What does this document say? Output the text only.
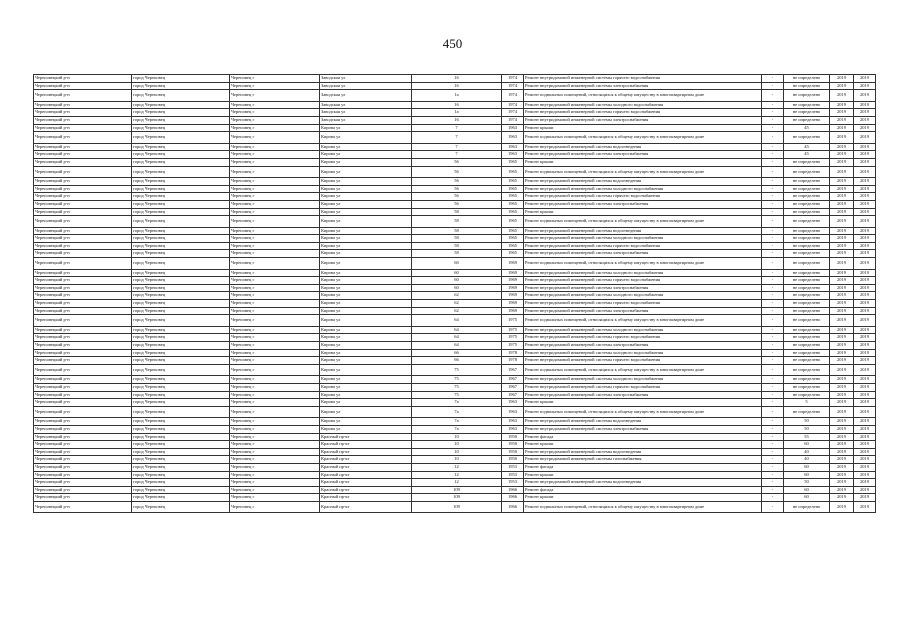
450
Череповецкий р-н	город Череповец	Череповец г	Заводская ул	16	1974	Ремонт внутридомовой инженерной системы горячего водоснабжения	-	не определено	2019	2019
Череповецкий р-н	город Череповец	Череповец г	Заводская ул	16	1974	Ремонт внутридомовой инженерной системы электроснабжения	-	не определено	2019	2019
Череповецкий р-н	город Череповец	Череповец г	Заводская ул	1а	1974	Ремонт подвальных помещений, относящихся к общему имуществу в многоквартирном доме	-	не определено	2019	2019
Череповецкий р-н	город Череповец	Череповец г	Заводская ул	16	1974	Ремонт внутридомовой инженерной системы холодного водоснабжения	-	не определено	2019	2019
Череповецкий р-н	город Череповец	Череповец г	Заводская ул	1а	1974	Ремонт внутридомовой инженерной системы горячего водоснабжения	-	не определено	2019	2019
Череповецкий р-н	город Череповец	Череповец г	Заводская ул	16	1974	Ремонт внутридомовой инженерной системы электроснабжения	-	не определено	2019	2019
Череповецкий р-н	город Череповец	Череповец г	Кирова ул	7	1963	Ремонт крыши	-	45	2019	2019
Череповецкий р-н	город Череповец	Череповец г	Кирова ул	7	1963	Ремонт подвальных помещений, относящихся к общему имуществу в многоквартирном доме	-	не определено	2019	2019
Череповецкий р-н	город Череповец	Череповец г	Кирова ул	7	1963	Ремонт внутридомовой инженерной системы водоотведения	-	45	2019	2019
Череповецкий р-н	город Череповец	Череповец г	Кирова ул	7	1963	Ремонт внутридомовой инженерной системы электроснабжения	-	45	2019	2019
Череповецкий р-н	город Череповец	Череповец г	Кирова ул	56	1965	Ремонт крыши	-	не определено	2019	2019
Череповецкий р-н	город Череповец	Череповец г	Кирова ул	56	1965	Ремонт подвальных помещений, относящихся к общему имуществу в многоквартирном доме	-	не определено	2019	2019
Череповецкий р-н	город Череповец	Череповец г	Кирова ул	56	1965	Ремонт внутридомовой инженерной системы водоотведения	-	не определено	2019	2019
Череповецкий р-н	город Череповец	Череповец г	Кирова ул	56	1965	Ремонт внутридомовой инженерной системы холодного водоснабжения	-	не определено	2019	2019
Череповецкий р-н	город Череповец	Череповец г	Кирова ул	56	1965	Ремонт внутридомовой инженерной системы горячего водоснабжения	-	не определено	2019	2019
Череповецкий р-н	город Череповец	Череповец г	Кирова ул	56	1965	Ремонт внутридомовой инженерной системы электроснабжения	-	не определено	2019	2019
Череповецкий р-н	город Череповец	Череповец г	Кирова ул	58	1965	Ремонт крыши	-	не определено	2019	2019
Череповецкий р-н	город Череповец	Череповец г	Кирова ул	58	1965	Ремонт подвальных помещений, относящихся к общему имуществу в многоквартирном доме	-	не определено	2019	2019
Череповецкий р-н	город Череповец	Череповец г	Кирова ул	58	1965	Ремонт внутридомовой инженерной системы водоотведения	-	не определено	2019	2019
Череповецкий р-н	город Череповец	Череповец г	Кирова ул	58	1965	Ремонт внутридомовой инженерной системы холодного водоснабжения	-	не определено	2019	2019
Череповецкий р-н	город Череповец	Череповец г	Кирова ул	58	1965	Ремонт внутридомовой инженерной системы горячего водоснабжения	-	не определено	2019	2019
Череповецкий р-н	город Череповец	Череповец г	Кирова ул	58	1965	Ремонт внутридомовой инженерной системы электроснабжения	-	не определено	2019	2019
Череповецкий р-н	город Череповец	Череповец г	Кирова ул	60	1969	Ремонт подвальных помещений, относящихся к общему имуществу в многоквартирном доме	-	не определено	2019	2019
Череповецкий р-н	город Череповец	Череповец г	Кирова ул	60	1969	Ремонт внутридомовой инженерной системы холодного водоснабжения	-	не определено	2019	2019
Череповецкий р-н	город Череповец	Череповец г	Кирова ул	60	1969	Ремонт внутридомовой инженерной системы горячего водоснабжения	-	не определено	2019	2019
Череповецкий р-н	город Череповец	Череповец г	Кирова ул	60	1969	Ремонт внутридомовой инженерной системы электроснабжения	-	не определено	2019	2019
Череповецкий р-н	город Череповец	Череповец г	Кирова ул	62	1969	Ремонт внутридомовой инженерной системы холодного водоснабжения	-	не определено	2019	2019
Череповецкий р-н	город Череповец	Череповец г	Кирова ул	62	1969	Ремонт внутридомовой инженерной системы горячего водоснабжения	-	не определено	2019	2019
Череповецкий р-н	город Череповец	Череповец г	Кирова ул	62	1969	Ремонт внутридомовой инженерной системы электроснабжения	-	не определено	2019	2019
Череповецкий р-н	город Череповец	Череповец г	Кирова ул	64	1975	Ремонт подвальных помещений, относящихся к общему имуществу в многоквартирном доме	-	не определено	2019	2019
Череповецкий р-н	город Череповец	Череповец г	Кирова ул	64	1975	Ремонт внутридомовой инженерной системы холодного водоснабжения	-	не определено	2019	2019
Череповецкий р-н	город Череповец	Череповец г	Кирова ул	64	1975	Ремонт внутридомовой инженерной системы горячего водоснабжения	-	не определено	2019	2019
Череповецкий р-н	город Череповец	Череповец г	Кирова ул	64	1975	Ремонт внутридомовой инженерной системы электроснабжения	-	не определено	2019	2019
Череповецкий р-н	город Череповец	Череповец г	Кирова ул	66	1978	Ремонт внутридомовой инженерной системы холодного водоснабжения	-	не определено	2019	2019
Череповецкий р-н	город Череповец	Череповец г	Кирова ул	66	1978	Ремонт внутридомовой инженерной системы горячего водоснабжения	-	не определено	2019	2019
Череповецкий р-н	город Череповец	Череповец г	Кирова ул	75	1967	Ремонт подвальных помещений, относящихся к общему имуществу в многоквартирном доме	-	не определено	2019	2019
Череповецкий р-н	город Череповец	Череповец г	Кирова ул	75	1967	Ремонт внутридомовой инженерной системы холодного водоснабжения	-	не определено	2019	2019
Череповецкий р-н	город Череповец	Череповец г	Кирова ул	75	1967	Ремонт внутридомовой инженерной системы горячего водоснабжения	-	не определено	2019	2019
Череповецкий р-н	город Череповец	Череповец г	Кирова ул	75	1967	Ремонт внутридомовой инженерной системы электроснабжения	-	не определено	2019	2019
Череповецкий р-н	город Череповец	Череповец г	Кирова ул	7а	1963	Ремонт крыши	-	5	2019	2019
Череповецкий р-н	город Череповец	Череповец г	Кирова ул	7а	1963	Ремонт подвальных помещений, относящихся к общему имуществу в многоквартирном доме	-	не определено	2019	2019
Череповецкий р-н	город Череповец	Череповец г	Кирова ул	7а	1963	Ремонт внутридомовой инженерной системы водоотведения	-	50	2019	2019
Череповецкий р-н	город Череповец	Череповец г	Кирова ул	7а	1963	Ремонт внутридомовой инженерной системы электроснабжения	-	50	2019	2019
Череповецкий р-н	город Череповец	Череповец г	Красный пр-кт	10	1950	Ремонт фасада	-	55	2019	2019
Череповецкий р-н	город Череповец	Череповец г	Красный пр-кт	10	1950	Ремонт крыши	-	60	2019	2019
Череповецкий р-н	город Череповец	Череповец г	Красный пр-кт	10	1950	Ремонт внутридомовой инженерной системы водоотведения	-	40	2019	2019
Череповецкий р-н	город Череповец	Череповец г	Красный пр-кт	10	1950	Ремонт внутридомовой инженерной системы газоснабжения	-	40	2019	2019
Череповецкий р-н	город Череповец	Череповец г	Красный пр-кт	12	1953	Ремонт фасада	-	60	2019	2019
Череповецкий р-н	город Череповец	Череповец г	Красный пр-кт	12	1953	Ремонт крыши	-	60	2019	2019
Череповецкий р-н	город Череповец	Череповец г	Красный пр-кт	12	1953	Ремонт внутридомовой инженерной системы водоотведения	-	50	2019	2019
Череповецкий р-н	город Череповец	Череповец г	Красный пр-кт	109	1966	Ремонт фасада	-	60	2019	2019
Череповецкий р-н	город Череповец	Череповец г	Красный пр-кт	109	1966	Ремонт крыши	-	60	2019	2019
Череповецкий р-н	город Череповец	Череповец г	Красный пр-кт	109	1966	Ремонт подвальных помещений, относящихся к общему имуществу в многоквартирном доме	-	не определено	2019	2019
